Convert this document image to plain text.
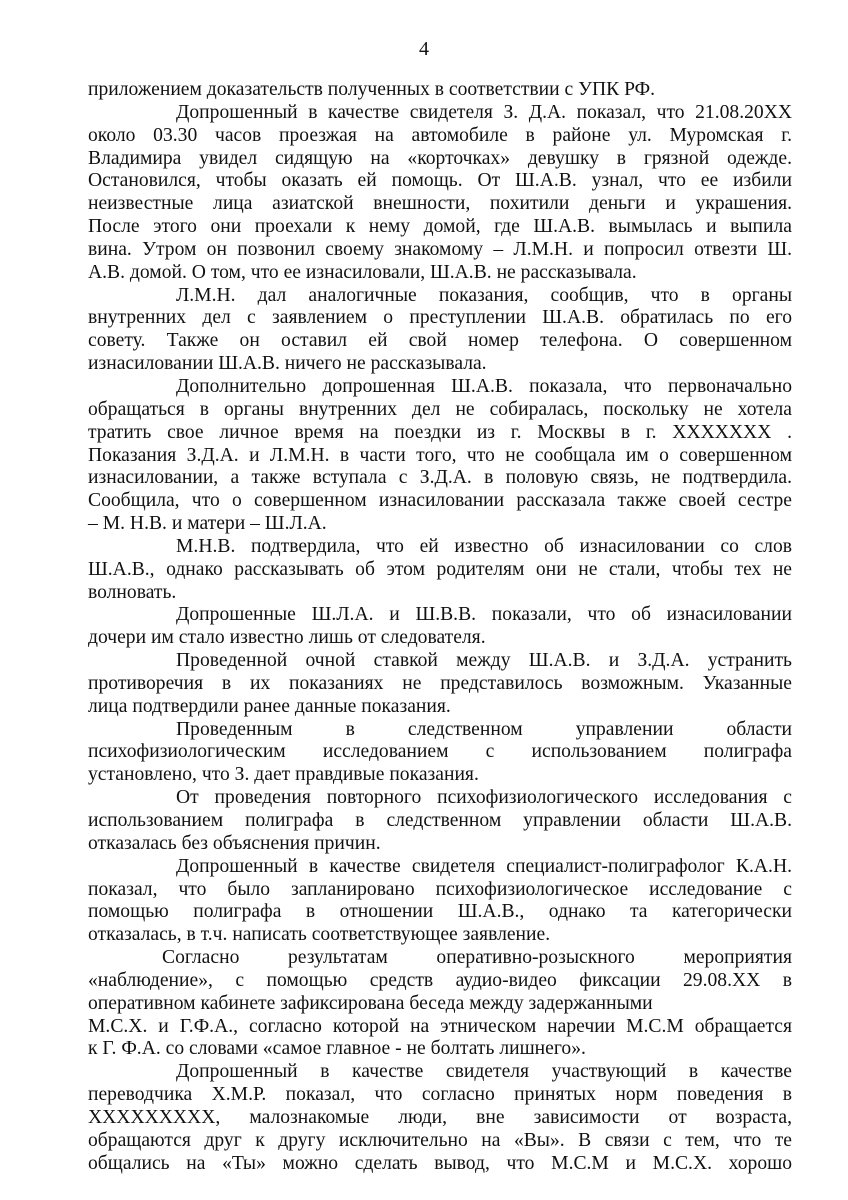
4
приложением доказательств полученных в соответствии с УПК РФ.
Допрошенный в качестве свидетеля З. Д.А. показал, что 21.08.20XX
около 03.30 часов проезжая на автомобиле в районе ул. Муромская г.
Владимира увидел сидящую на «корточках» девушку в грязной одежде.
Остановился, чтобы оказать ей помощь. От Ш.А.В. узнал, что ее избили
неизвестные лица азиатской внешности, похитили деньги и украшения.
После этого они проехали к нему домой, где Ш.А.В. вымылась и выпила
вина. Утром он позвонил своему знакомому – Л.М.Н. и попросил отвезти Ш.
А.В. домой. О том, что ее изнасиловали, Ш.А.В. не рассказывала.
Л.М.Н. дал аналогичные показания, сообщив, что в органы
внутренних дел с заявлением о преступлении Ш.А.В. обратилась по его
совету. Также он оставил ей свой номер телефона. О совершенном
изнасиловании Ш.А.В. ничего не рассказывала.
Дополнительно допрошенная Ш.А.В. показала, что первоначально
обращаться в органы внутренних дел не собиралась, поскольку не хотела
тратить свое личное время на поездки из г. Москвы в г. XXXXXXX .
Показания З.Д.А. и Л.М.Н. в части того, что не сообщала им о совершенном
изнасиловании, а также вступала с З.Д.А. в половую связь, не подтвердила.
Сообщила, что о совершенном изнасиловании рассказала также своей сестре
– М. Н.В. и матери – Ш.Л.А.
М.Н.В. подтвердила, что ей известно об изнасиловании со слов
Ш.А.В., однако рассказывать об этом родителям они не стали, чтобы тех не
волновать.
Допрошенные Ш.Л.А. и Ш.В.В. показали, что об изнасиловании
дочери им стало известно лишь от следователя.
Проведенной очной ставкой между Ш.А.В. и З.Д.А. устранить
противоречия в их показаниях не представилось возможным. Указанные
лица подтвердили ранее данные показания.
Проведенным в следственном управлении области
психофизиологическим исследованием с использованием полиграфа
установлено, что З. дает правдивые показания.
От проведения повторного психофизиологического исследования с
использованием полиграфа в следственном управлении области Ш.А.В.
отказалась без объяснения причин.
Допрошенный в качестве свидетеля специалист-полиграфолог К.А.Н.
показал, что было запланировано психофизиологическое исследование с
помощью полиграфа в отношении Ш.А.В., однако та категорически
отказалась, в т.ч. написать соответствующее заявление.
Согласно результатам оперативно-розыскного мероприятия
«наблюдение», с помощью средств аудио-видео фиксации 29.08.XX в
оперативном кабинете зафиксирована беседа между задержанными
М.С.Х. и Г.Ф.А., согласно которой на этническом наречии М.С.М обращается
к Г. Ф.А. со словами «самое главное - не болтать лишнего».
Допрошенный в качестве свидетеля участвующий в качестве
переводчика Х.М.Р. показал, что согласно принятых норм поведения в
XXXXXXXXX, малознакомые люди, вне зависимости от возраста,
обращаются друг к другу исключительно на «Вы». В связи с тем, что те
общались на «Ты» можно сделать вывод, что М.С.М и М.С.Х. хорошо
